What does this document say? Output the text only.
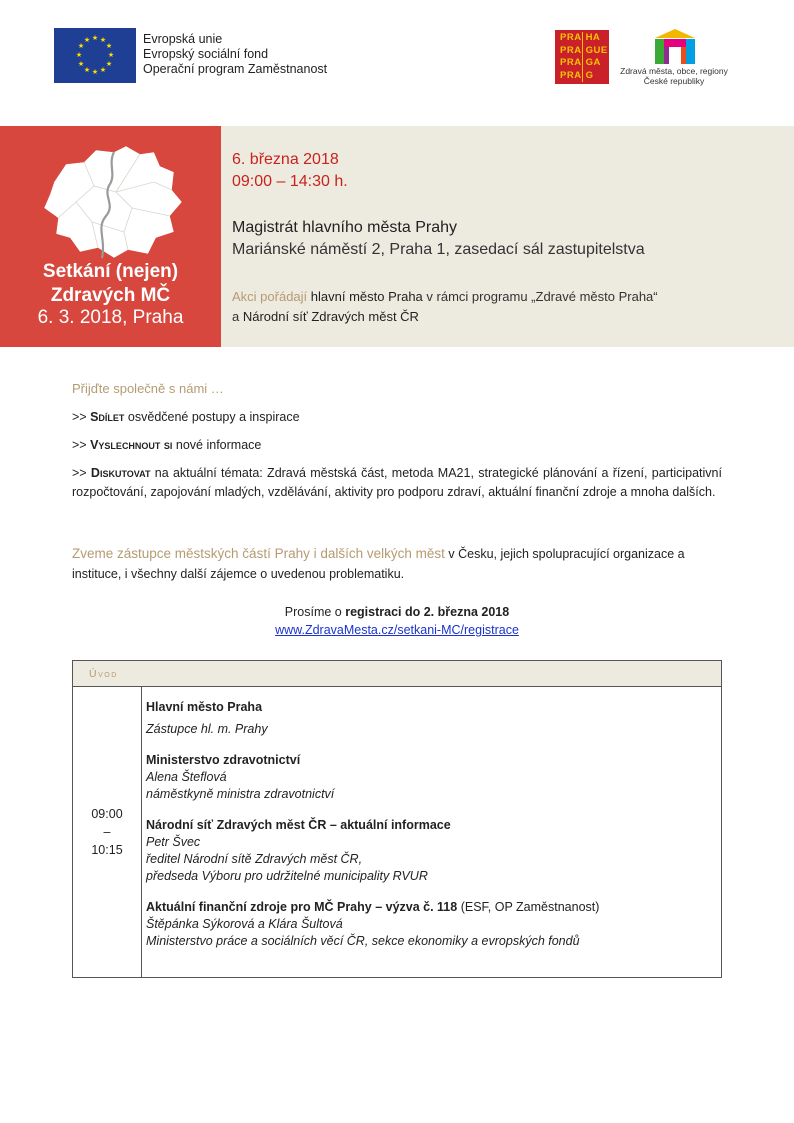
★ ★
★
★
★
★
★
★
★
★
★
★	Evropská unie
Evropský sociální fond
Operační program Zaměstnanost
PRA HA
PRA GUE
PRA GA
PRA G	Zdravá města, obce, regiony
České republiky
Setkání (nejen)
Zdravých MČ
6. 3. 2018, Praha
6. března 2018
09:00 – 14:30 h.
Magistrát hlavního města Prahy
Mariánské náměstí 2, Praha 1, zasedací sál zastupitelstva
Akci pořádají hlavní město Praha v rámci programu „Zdravé město Praha“
a Národní síť Zdravých měst ČR
Přijďte společně s námi …
>> Sdílet osvědčené postupy a inspirace
>> Vyslechnout si nové informace
>> Diskutovat na aktuální témata: Zdravá městská část, metoda MA21, strategické plánování a řízení, participativní rozpočtování, zapojování mladých, vzdělávání, aktivity pro podporu zdraví, aktuální finanční zdroje a mnoha dalších.
Zveme zástupce městských částí Prahy i dalších velkých měst v Česku, jejich spolupracující organizace a instituce, i všechny další zájemce o uvedenou problematiku.
Prosíme o registraci do 2. března 2018
www.ZdravaMesta.cz/setkani-MC/registrace
Úvod
09:00
–
10:15
Hlavní město Praha
Zástupce hl. m. Prahy
Ministerstvo zdravotnictví
Alena Šteflová
náměstkyně ministra zdravotnictví
Národní síť Zdravých měst ČR – aktuální informace
Petr Švec
ředitel Národní sítě Zdravých měst ČR,
předseda Výboru pro udržitelné municipality RVUR
Aktuální finanční zdroje pro MČ Prahy – výzva č. 118 (ESF, OP Zaměstnanost)
Štěpánka Sýkorová a Klára Šultová
Ministerstvo práce a sociálních věcí ČR, sekce ekonomiky a evropských fondů
